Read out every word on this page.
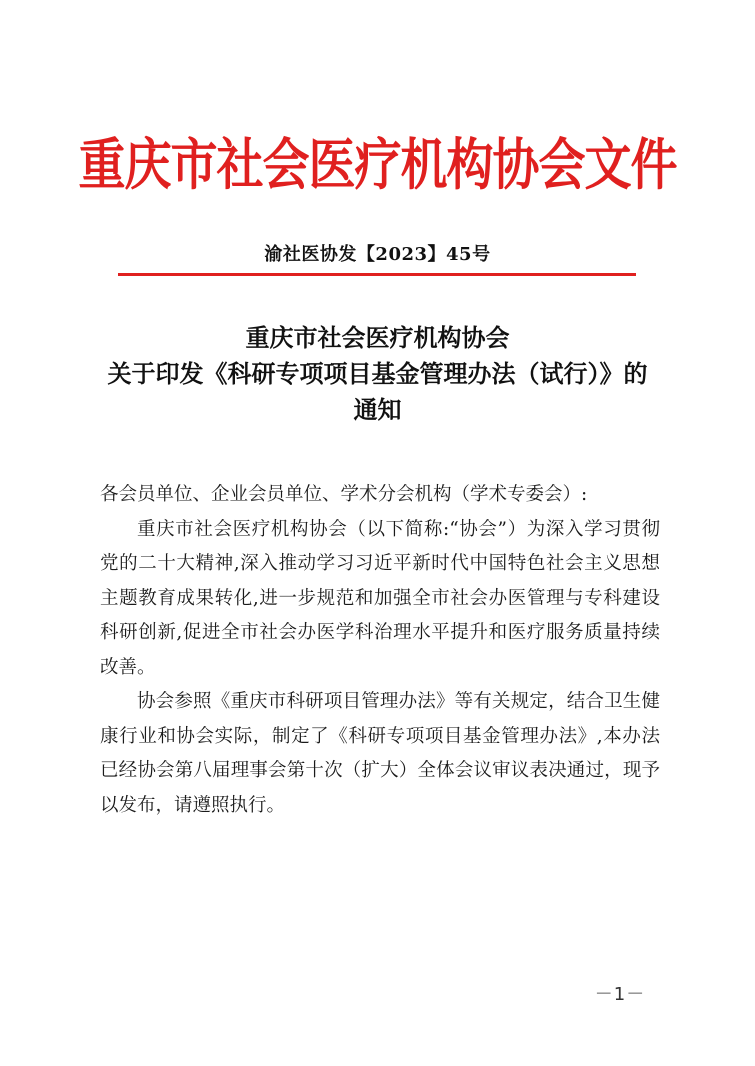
重庆市社会医疗机构协会文件
渝社医协发【2023】45号
重庆市社会医疗机构协会
关于印发《科研专项项目基金管理办法（试行）》的
通知

各会员单位、企业会员单位、学术分会机构（学术专委会）:

重庆市社会医疗机构协会（以下简称:“协会”）为深入学习贯彻党的二十大精神,深入推动学习习近平新时代中国特色社会主义思想主题教育成果转化,进一步规范和加强全市社会办医管理与专科建设科研创新,促进全市社会办医学科治理水平提升和医疗服务质量持续改善。

协会参照《重庆市科研项目管理办法》等有关规定，结合卫生健康行业和协会实际，制定了《科研专项项目基金管理办法》,本办法已经协会第八届理事会第十次（扩大）全体会议审议表决通过，现予以发布，请遵照执行。

－1－
